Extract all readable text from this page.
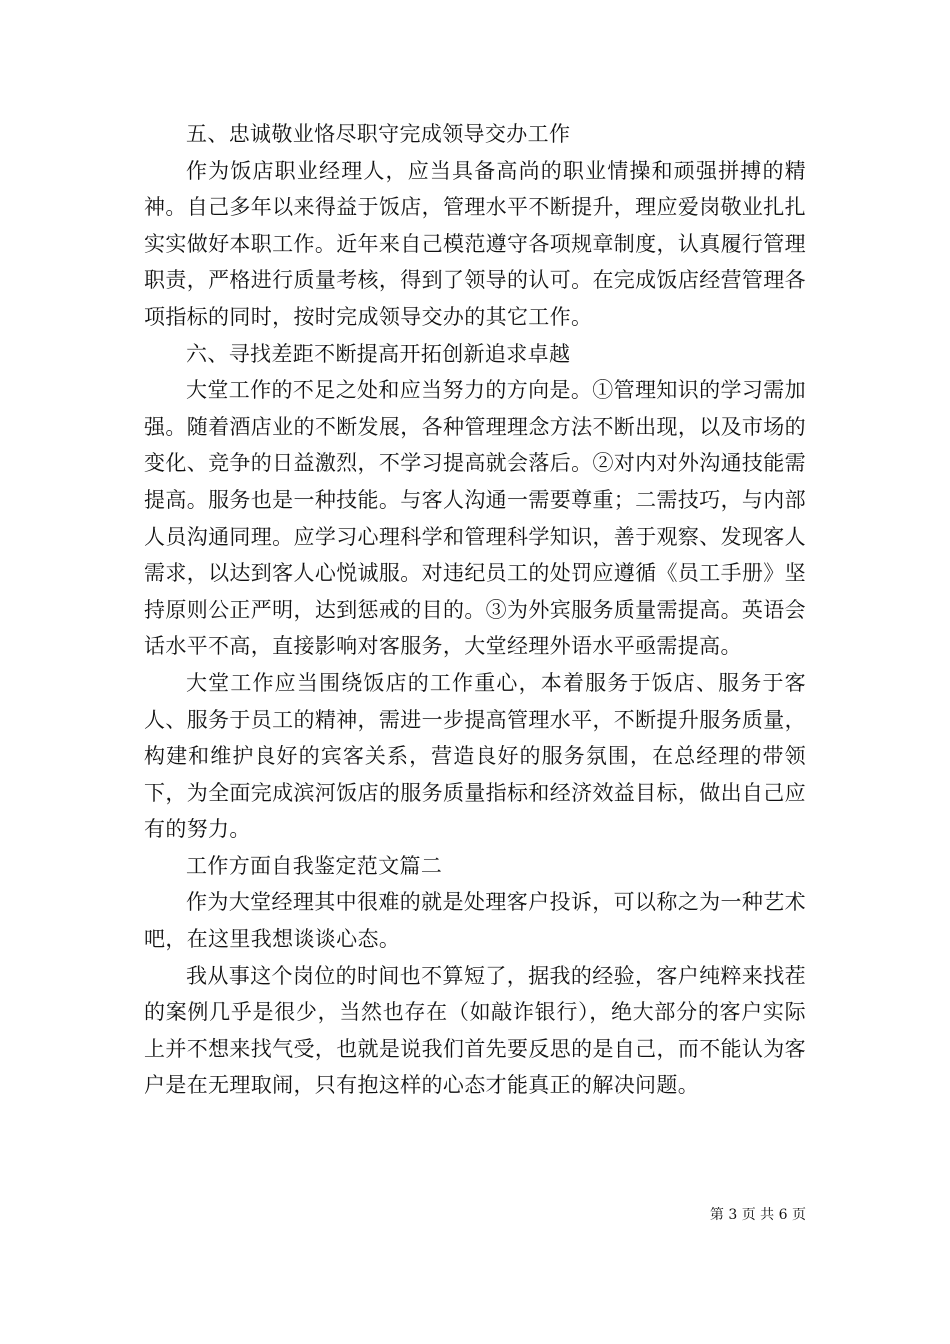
五、忠诚敬业恪尽职守完成领导交办工作

作为饭店职业经理人，应当具备高尚的职业情操和顽强拼搏的精神。自己多年以来得益于饭店，管理水平不断提升，理应爱岗敬业扎扎实实做好本职工作。近年来自己模范遵守各项规章制度，认真履行管理职责，严格进行质量考核，得到了领导的认可。在完成饭店经营管理各项指标的同时，按时完成领导交办的其它工作。

六、寻找差距不断提高开拓创新追求卓越

大堂工作的不足之处和应当努力的方向是。①管理知识的学习需加强。随着酒店业的不断发展，各种管理理念方法不断出现，以及市场的变化、竞争的日益激烈，不学习提高就会落后。②对内对外沟通技能需提高。服务也是一种技能。与客人沟通一需要尊重；二需技巧，与内部人员沟通同理。应学习心理科学和管理科学知识，善于观察、发现客人需求，以达到客人心悦诚服。对违纪员工的处罚应遵循《员工手册》坚持原则公正严明，达到惩戒的目的。③为外宾服务质量需提高。英语会话水平不高，直接影响对客服务，大堂经理外语水平亟需提高。

大堂工作应当围绕饭店的工作重心，本着服务于饭店、服务于客人、服务于员工的精神，需进一步提高管理水平，不断提升服务质量，构建和维护良好的宾客关系，营造良好的服务氛围，在总经理的带领下，为全面完成滨河饭店的服务质量指标和经济效益目标，做出自己应有的努力。

工作方面自我鉴定范文篇二

作为大堂经理其中很难的就是处理客户投诉，可以称之为一种艺术吧，在这里我想谈谈心态。

我从事这个岗位的时间也不算短了，据我的经验，客户纯粹来找茬的案例几乎是很少，当然也存在（如敲诈银行），绝大部分的客户实际上并不想来找气受，也就是说我们首先要反思的是自己，而不能认为客户是在无理取闹，只有抱这样的心态才能真正的解决问题。

第 3 页 共 6 页
